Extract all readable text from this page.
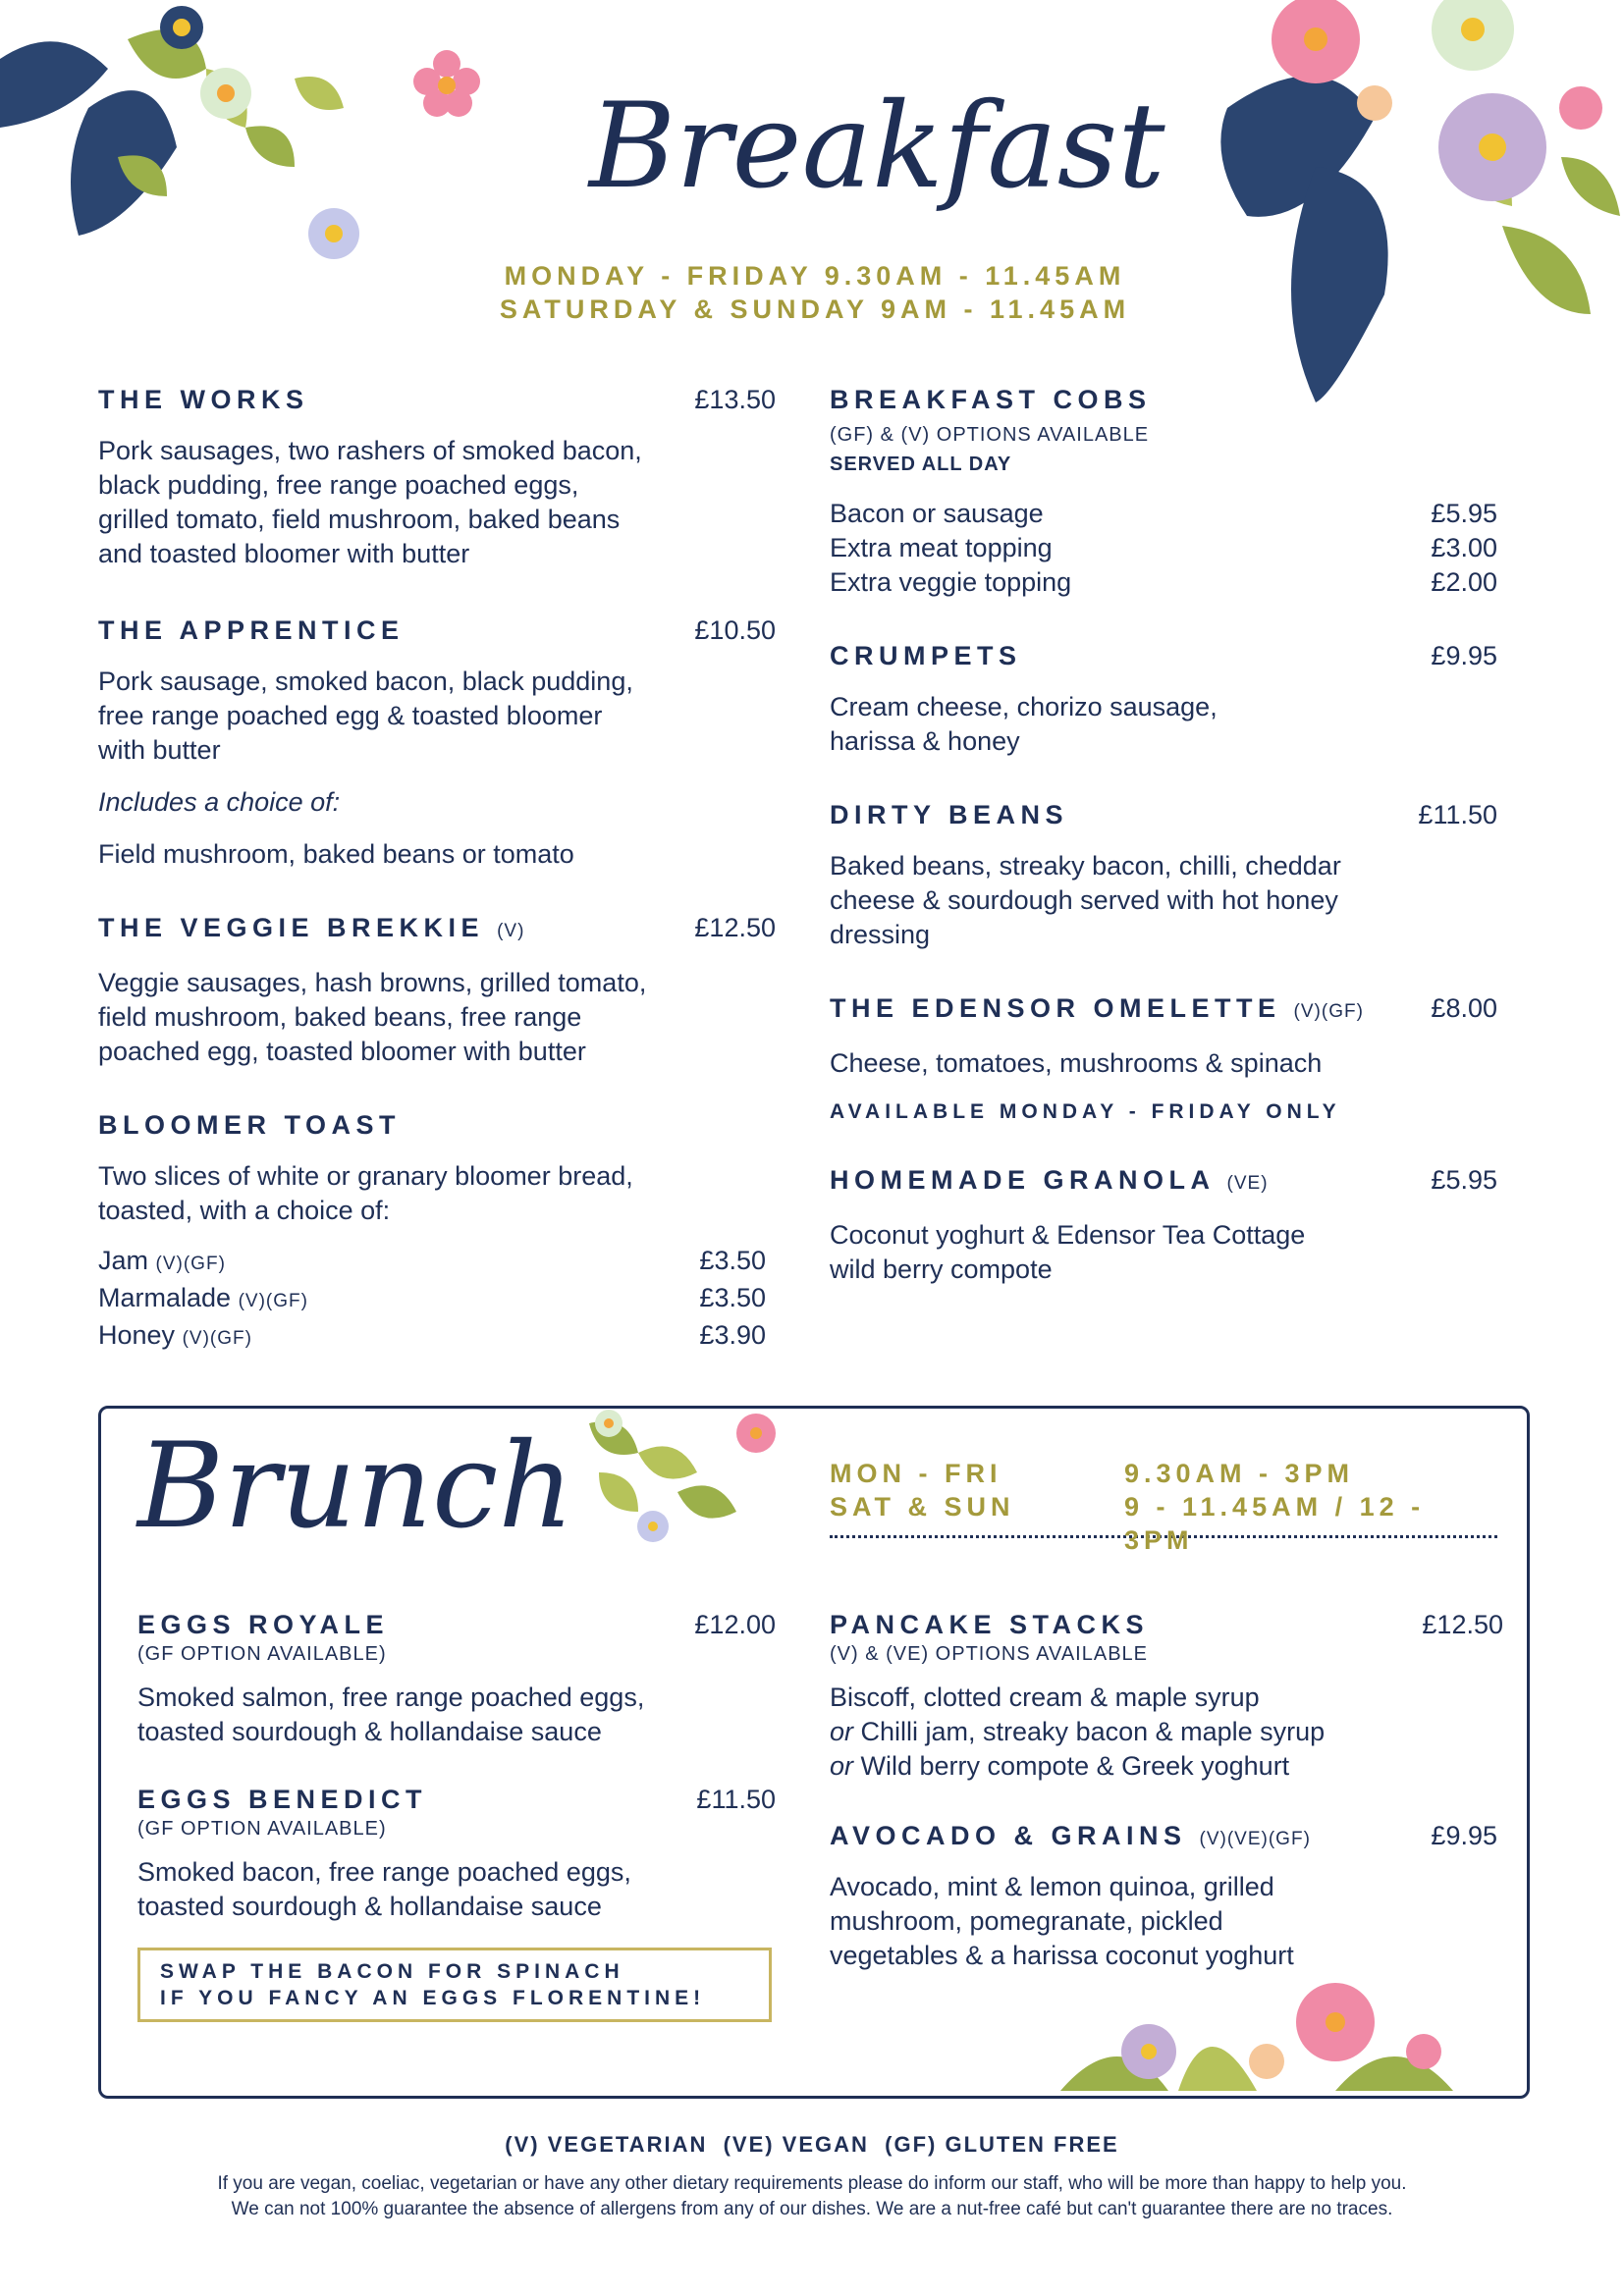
Breakfast
MONDAY - FRIDAY 9.30AM - 11.45AM
SATURDAY & SUNDAY 9AM - 11.45AM
THE WORKS	£13.50
Pork sausages, two rashers of smoked bacon,
black pudding, free range poached eggs,
grilled tomato, field mushroom, baked beans
and toasted bloomer with butter
THE APPRENTICE	£10.50
Pork sausage, smoked bacon, black pudding,
free range poached egg & toasted bloomer
with butter
Includes a choice of:
Field mushroom, baked beans or tomato
THE VEGGIE BREKKIE (V)	£12.50
Veggie sausages, hash browns, grilled tomato,
field mushroom, baked beans, free range
poached egg, toasted bloomer with butter
BLOOMER TOAST
Two slices of white or granary bloomer bread,
toasted, with a choice of:
Jam (V)(GF)	£3.50
Marmalade (V)(GF)	£3.50
Honey (V)(GF)	£3.90
BREAKFAST COBS
(GF) & (V) OPTIONS AVAILABLE
SERVED ALL DAY
Bacon or sausage	£5.95
Extra meat topping	£3.00
Extra veggie topping	£2.00
CRUMPETS	£9.95
Cream cheese, chorizo sausage,
harissa & honey
DIRTY BEANS	£11.50
Baked beans, streaky bacon, chilli, cheddar
cheese & sourdough served with hot honey
dressing
THE EDENSOR OMELETTE (V)(GF)	£8.00
Cheese, tomatoes, mushrooms & spinach
AVAILABLE MONDAY - FRIDAY ONLY
HOMEMADE GRANOLA (VE)	£5.95
Coconut yoghurt & Edensor Tea Cottage
wild berry compote
Brunch	MON - FRI	9.30AM - 3PM
SAT & SUN	9 - 11.45AM / 12 - 3PM
EGGS ROYALE	£12.00
(GF OPTION AVAILABLE)
Smoked salmon, free range poached eggs,
toasted sourdough & hollandaise sauce
EGGS BENEDICT	£11.50
(GF OPTION AVAILABLE)
Smoked bacon, free range poached eggs,
toasted sourdough & hollandaise sauce
SWAP THE BACON FOR SPINACH
IF YOU FANCY AN EGGS FLORENTINE!
PANCAKE STACKS	£12.50
(V) & (VE) OPTIONS AVAILABLE
Biscoff, clotted cream & maple syrup
or Chilli jam, streaky bacon & maple syrup
or Wild berry compote & Greek yoghurt
AVOCADO & GRAINS (V)(VE)(GF)	£9.95
Avocado, mint & lemon quinoa, grilled
mushroom, pomegranate, pickled
vegetables & a harissa coconut yoghurt
(V) VEGETARIAN  (VE) VEGAN  (GF) GLUTEN FREE
If you are vegan, coeliac, vegetarian or have any other dietary requirements please do inform our staff, who will be more than happy to help you.
We can not 100% guarantee the absence of allergens from any of our dishes. We are a nut-free café but can't guarantee there are no traces.
